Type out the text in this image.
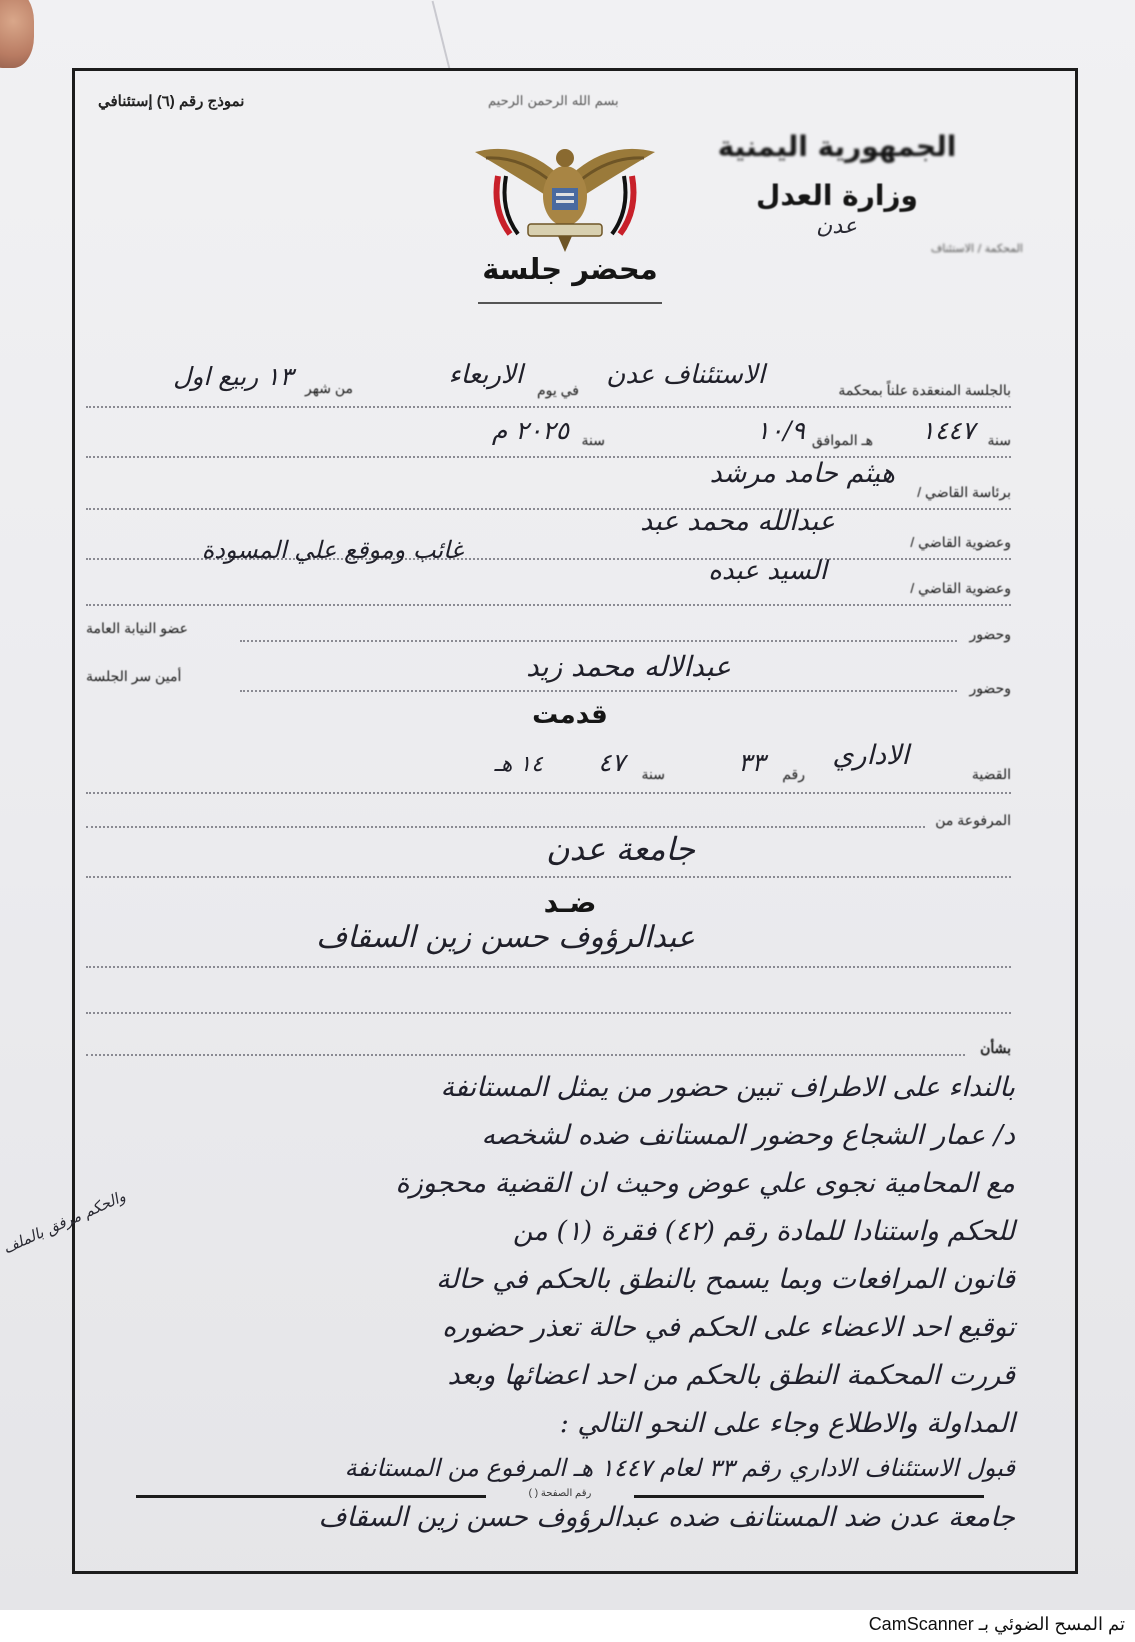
نموذج رقم (٦) إستئنافي	بسم الله الرحمن الرحيم
محضر جلسة
الجمهورية اليمنية
وزارة العدل
المحكمة / الاستئناف
عدن
بالجلسة المنعقدة علناً بمحكمة
الاستئناف عدن
في يوم
الاربعاء
من شهر
١٣ ربيع اول
سنة
١٤٤٧
هـ الموافق
١٠/٩
سنة
٢٠٢٥ م
برئاسة القاضي /
هيثم حامد مرشد
وعضوية القاضي /
عبدالله محمد عبد
وعضوية القاضي /
السيد عبده
غائب وموقع علي المسودة
وحضور
عضو النيابة العامة
وحضور
أمين سر الجلسة	عبدالاله محمد زيد
قدمت
القضية
الاداري
رقم
٣٣
سنة
٤٧
١٤ هـ
المرفوعة من
جامعة عدن
ضـد
عبدالرؤوف حسن زين السقاف
بشأن
بالنداء على الاطراف تبين حضور من يمثل المستانفة
د/ عمار الشجاع وحضور المستانف ضده لشخصه
مع المحامية نجوى علي عوض وحيث ان القضية محجوزة
للحكم واستنادا للمادة رقم (٤٢) فقرة (١) من
قانون المرافعات وبما يسمح بالنطق بالحكم في حالة
توقيع احد الاعضاء على الحكم في حالة تعذر حضوره
قررت المحكمة النطق بالحكم من احد اعضائها وبعد
المداولة والاطلاع وجاء على النحو التالي :
قبول الاستئناف الاداري رقم ٣٣ لعام ١٤٤٧ هـ المرفوع من المستانفة
جامعة عدن ضد المستانف ضده عبدالرؤوف حسن زين السقاف
والحكم مرفق بالملف
رقم الصفحة ( )
تم المسح الضوئي بـ CamScanner
